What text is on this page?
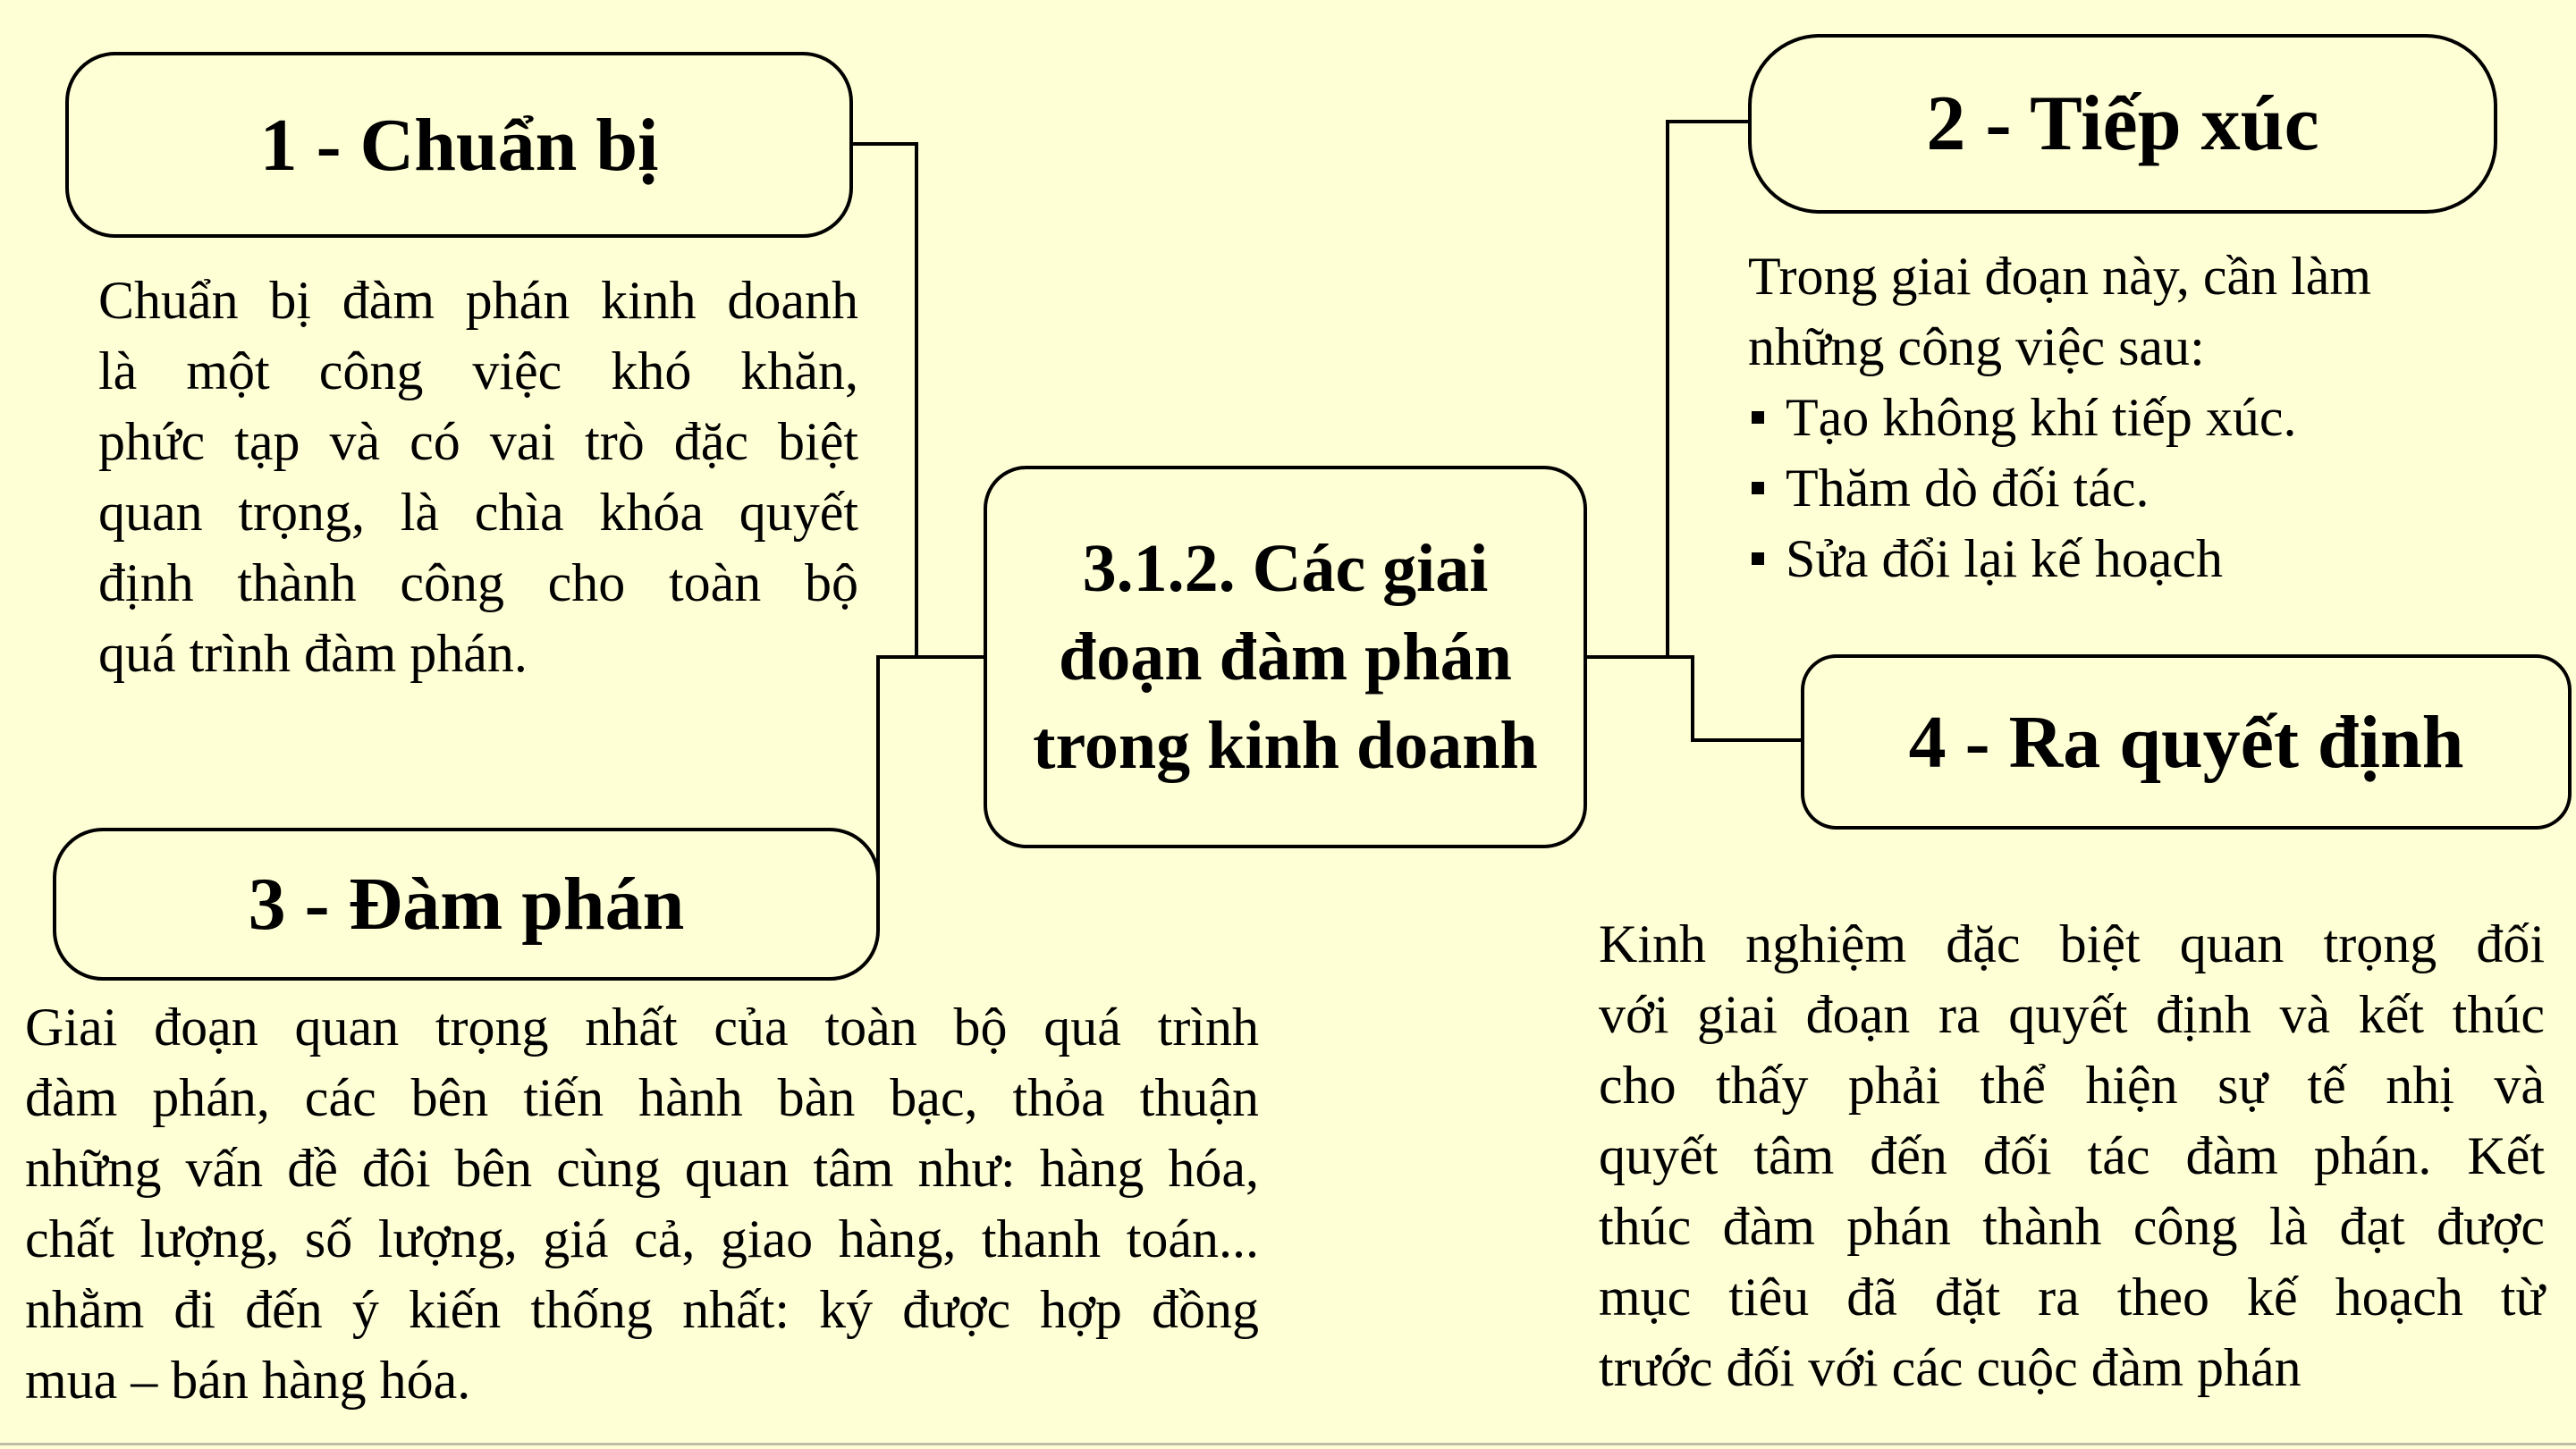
3.1.2. Các giai đoạn đàm phán trong kinh doanh
1 - Chuẩn bị

Chuẩn bị đàm phán kinh doanh

là một công việc khó khăn,

phức tạp và có vai trò đặc biệt

quan trọng, là chìa khóa quyết

định thành công cho toàn bộ

quá trình đàm phán.

2 - Tiếp xúc

Trong giai đoạn này, cần làm

những công việc sau:

Tạo không khí tiếp xúc.
Thăm dò đối tác.
Sửa đổi lại kế hoạch
3 - Đàm phán

Giai đoạn quan trọng nhất của toàn bộ quá trình

đàm phán, các bên tiến hành bàn bạc, thỏa thuận

những vấn đề đôi bên cùng quan tâm như: hàng hóa,

chất lượng, số lượng, giá cả, giao hàng, thanh toán...

nhằm đi đến ý kiến thống nhất: ký được hợp đồng

mua – bán hàng hóa.

4 - Ra quyết định

Kinh nghiệm đặc biệt quan trọng đối

với giai đoạn ra quyết định và kết thúc

cho thấy phải thể hiện sự tế nhị và

quyết tâm đến đối tác đàm phán. Kết

thúc đàm phán thành công là đạt được

mục tiêu đã đặt ra theo kế hoạch từ

trước đối với các cuộc đàm phán
